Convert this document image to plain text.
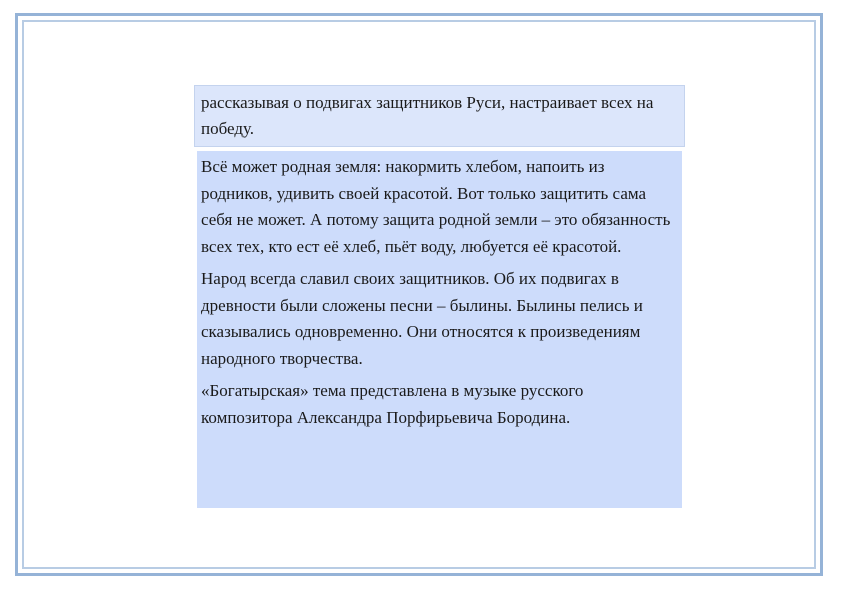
рассказывая о подвигах защитников Руси, настраивает всех на победу.

Всё может родная земля: накормить хлебом, напоить из родников, удивить своей красотой. Вот только защитить сама себя не может. А потому защита родной земли – это обязанность всех тех, кто ест её хлеб, пьёт воду, любуется её красотой.

Народ всегда славил своих защитников. Об их подвигах в древности были сложены песни – былины. Былины пелись и сказывались одновременно. Они относятся к произведениям народного творчества.

«Богатырская» тема представлена в музыке русского композитора Александра Порфирьевича Бородина.
